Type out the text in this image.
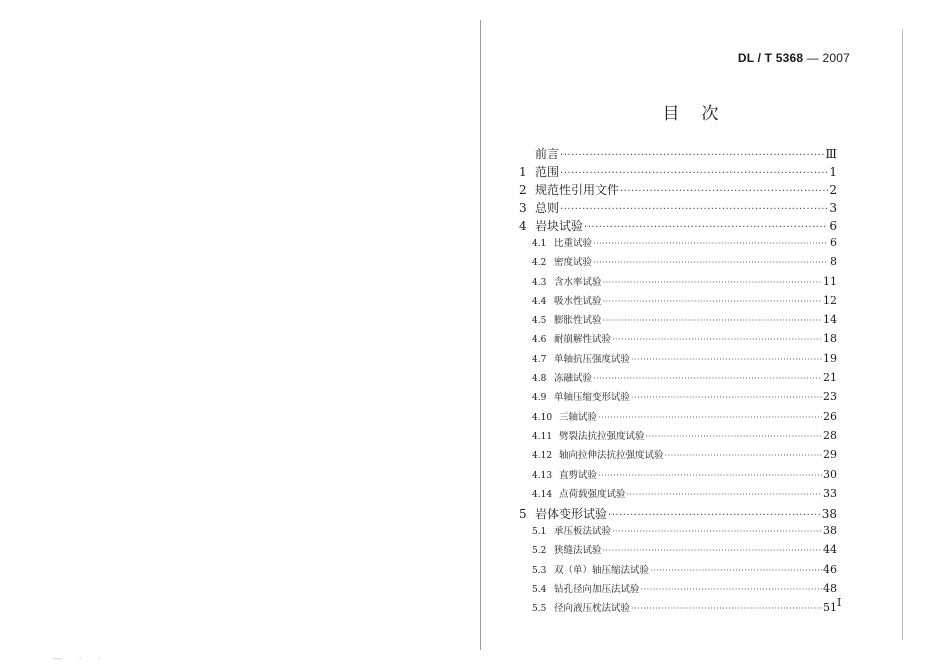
— · ·
DL / T 5368 — 2007
目次
前言 ·····	Ⅲ
1 范围 ·····	1
2 规范性引用文件 ·····	2
3 总则 ·····	3
4 岩块试验 ·····	6
4.1 比重试验 ·····	6
4.2 密度试验 ·····	8
4.3 含水率试验 ·····	11
4.4 吸水性试验 ·····	12
4.5 膨胀性试验 ·····	14
4.6 耐崩解性试验 ·····	18
4.7 单轴抗压强度试验 ·····	19
4.8 冻融试验 ·····	21
4.9 单轴压缩变形试验 ·····	23
4.10 三轴试验 ·····	26
4.11 劈裂法抗拉强度试验 ·····	28
4.12 轴向拉伸法抗拉强度试验 ·····	29
4.13 直剪试验 ·····	30
4.14 点荷载强度试验 ·····	33
5 岩体变形试验 ·····	38
5.1 承压板法试验 ·····	38
5.2 狭缝法试验 ·····	44
5.3 双（单）轴压缩法试验 ·····	46
5.4 钻孔径向加压法试验 ·····	48
5.5 径向液压枕法试验 ·····	51 I
